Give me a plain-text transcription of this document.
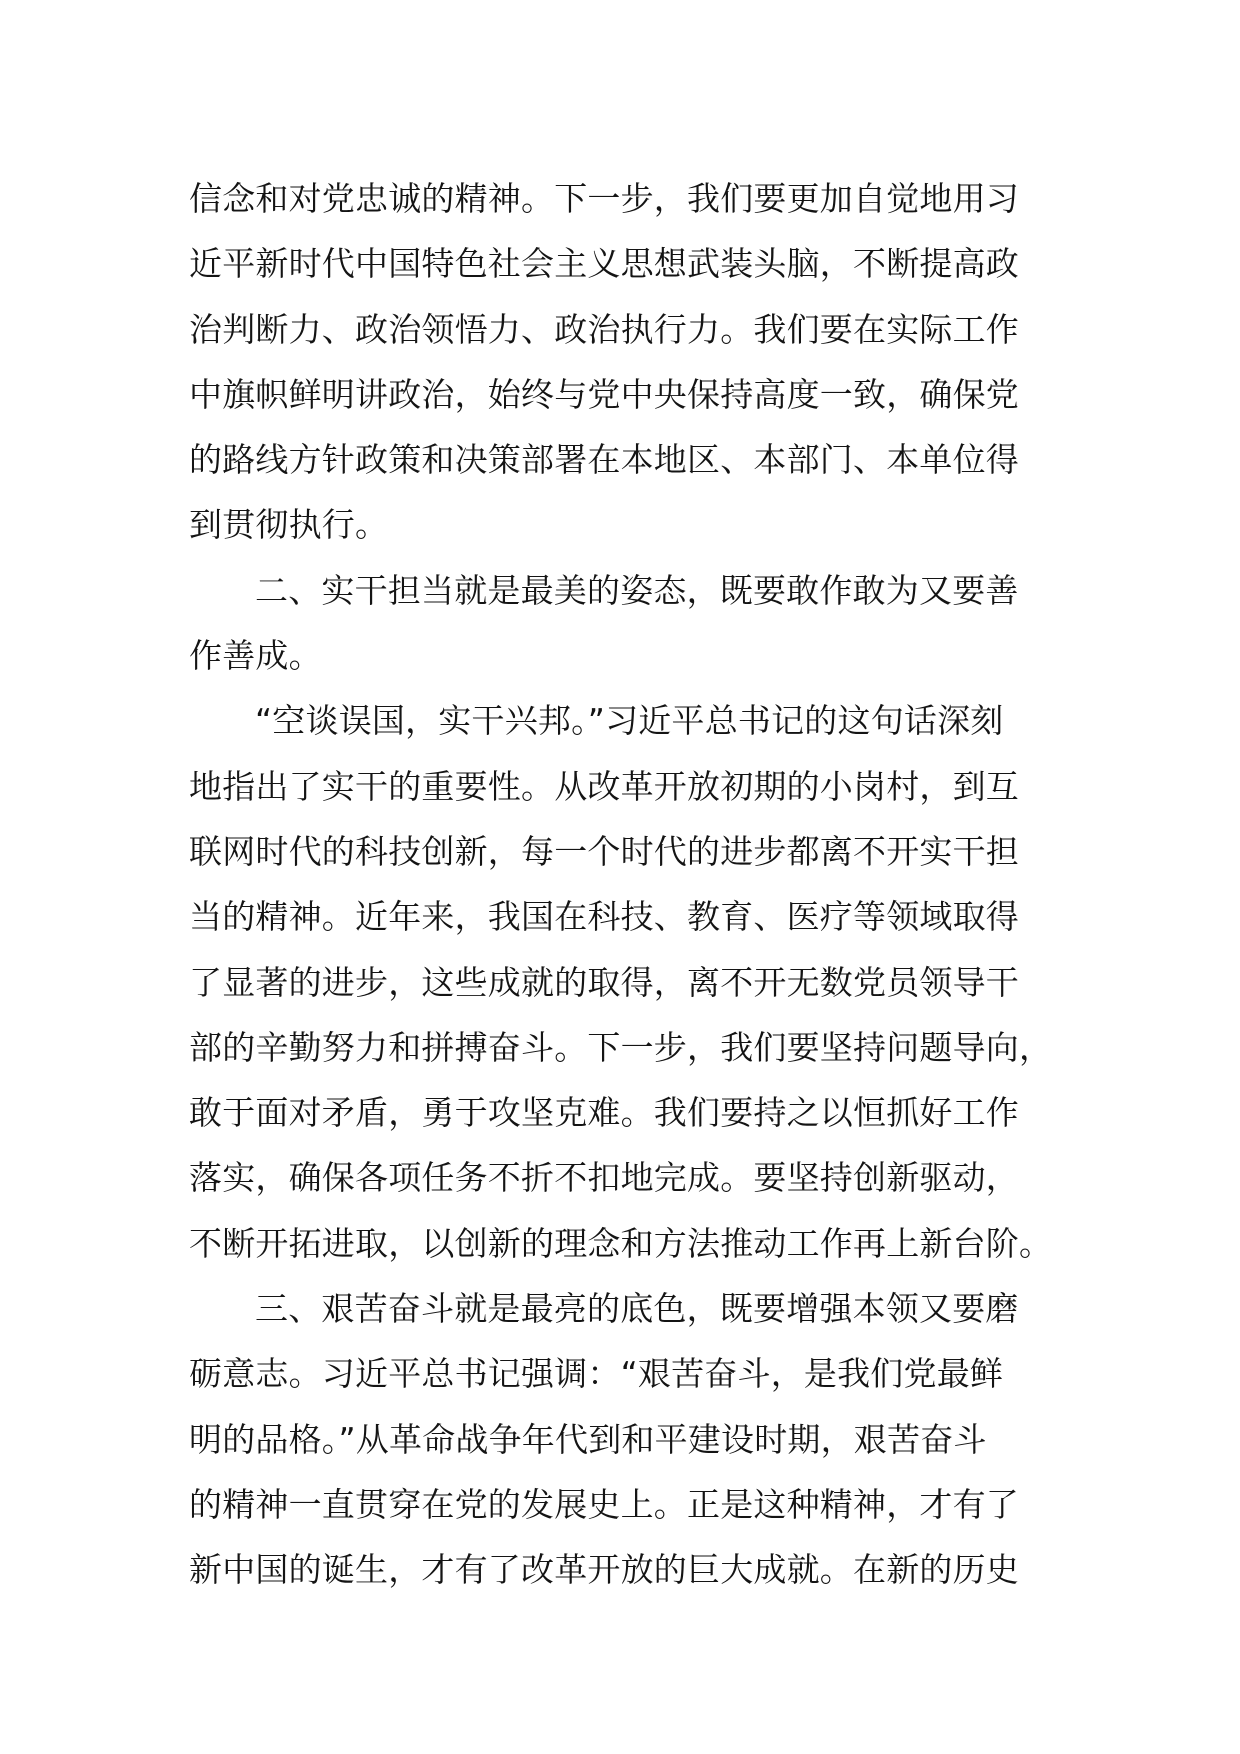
信念和对党忠诚的精神。下一步，我们要更加自觉地用习
近平新时代中国特色社会主义思想武装头脑，不断提高政
治判断力、政治领悟力、政治执行力。我们要在实际工作
中旗帜鲜明讲政治，始终与党中央保持高度一致，确保党
的路线方针政策和决策部署在本地区、本部门、本单位得
到贯彻执行。
二、实干担当就是最美的姿态，既要敢作敢为又要善
作善成。
“空谈误国，实干兴邦。”习近平总书记的这句话深刻
地指出了实干的重要性。从改革开放初期的小岗村，到互
联网时代的科技创新，每一个时代的进步都离不开实干担
当的精神。近年来，我国在科技、教育、医疗等领域取得
了显著的进步，这些成就的取得，离不开无数党员领导干
部的辛勤努力和拼搏奋斗。下一步，我们要坚持问题导向，
敢于面对矛盾，勇于攻坚克难。我们要持之以恒抓好工作
落实，确保各项任务不折不扣地完成。要坚持创新驱动，
不断开拓进取，以创新的理念和方法推动工作再上新台阶。
三、艰苦奋斗就是最亮的底色，既要增强本领又要磨
砺意志。习近平总书记强调：“艰苦奋斗，是我们党最鲜
明的品格。”从革命战争年代到和平建设时期，艰苦奋斗
的精神一直贯穿在党的发展史上。正是这种精神，才有了
新中国的诞生，才有了改革开放的巨大成就。在新的历史
